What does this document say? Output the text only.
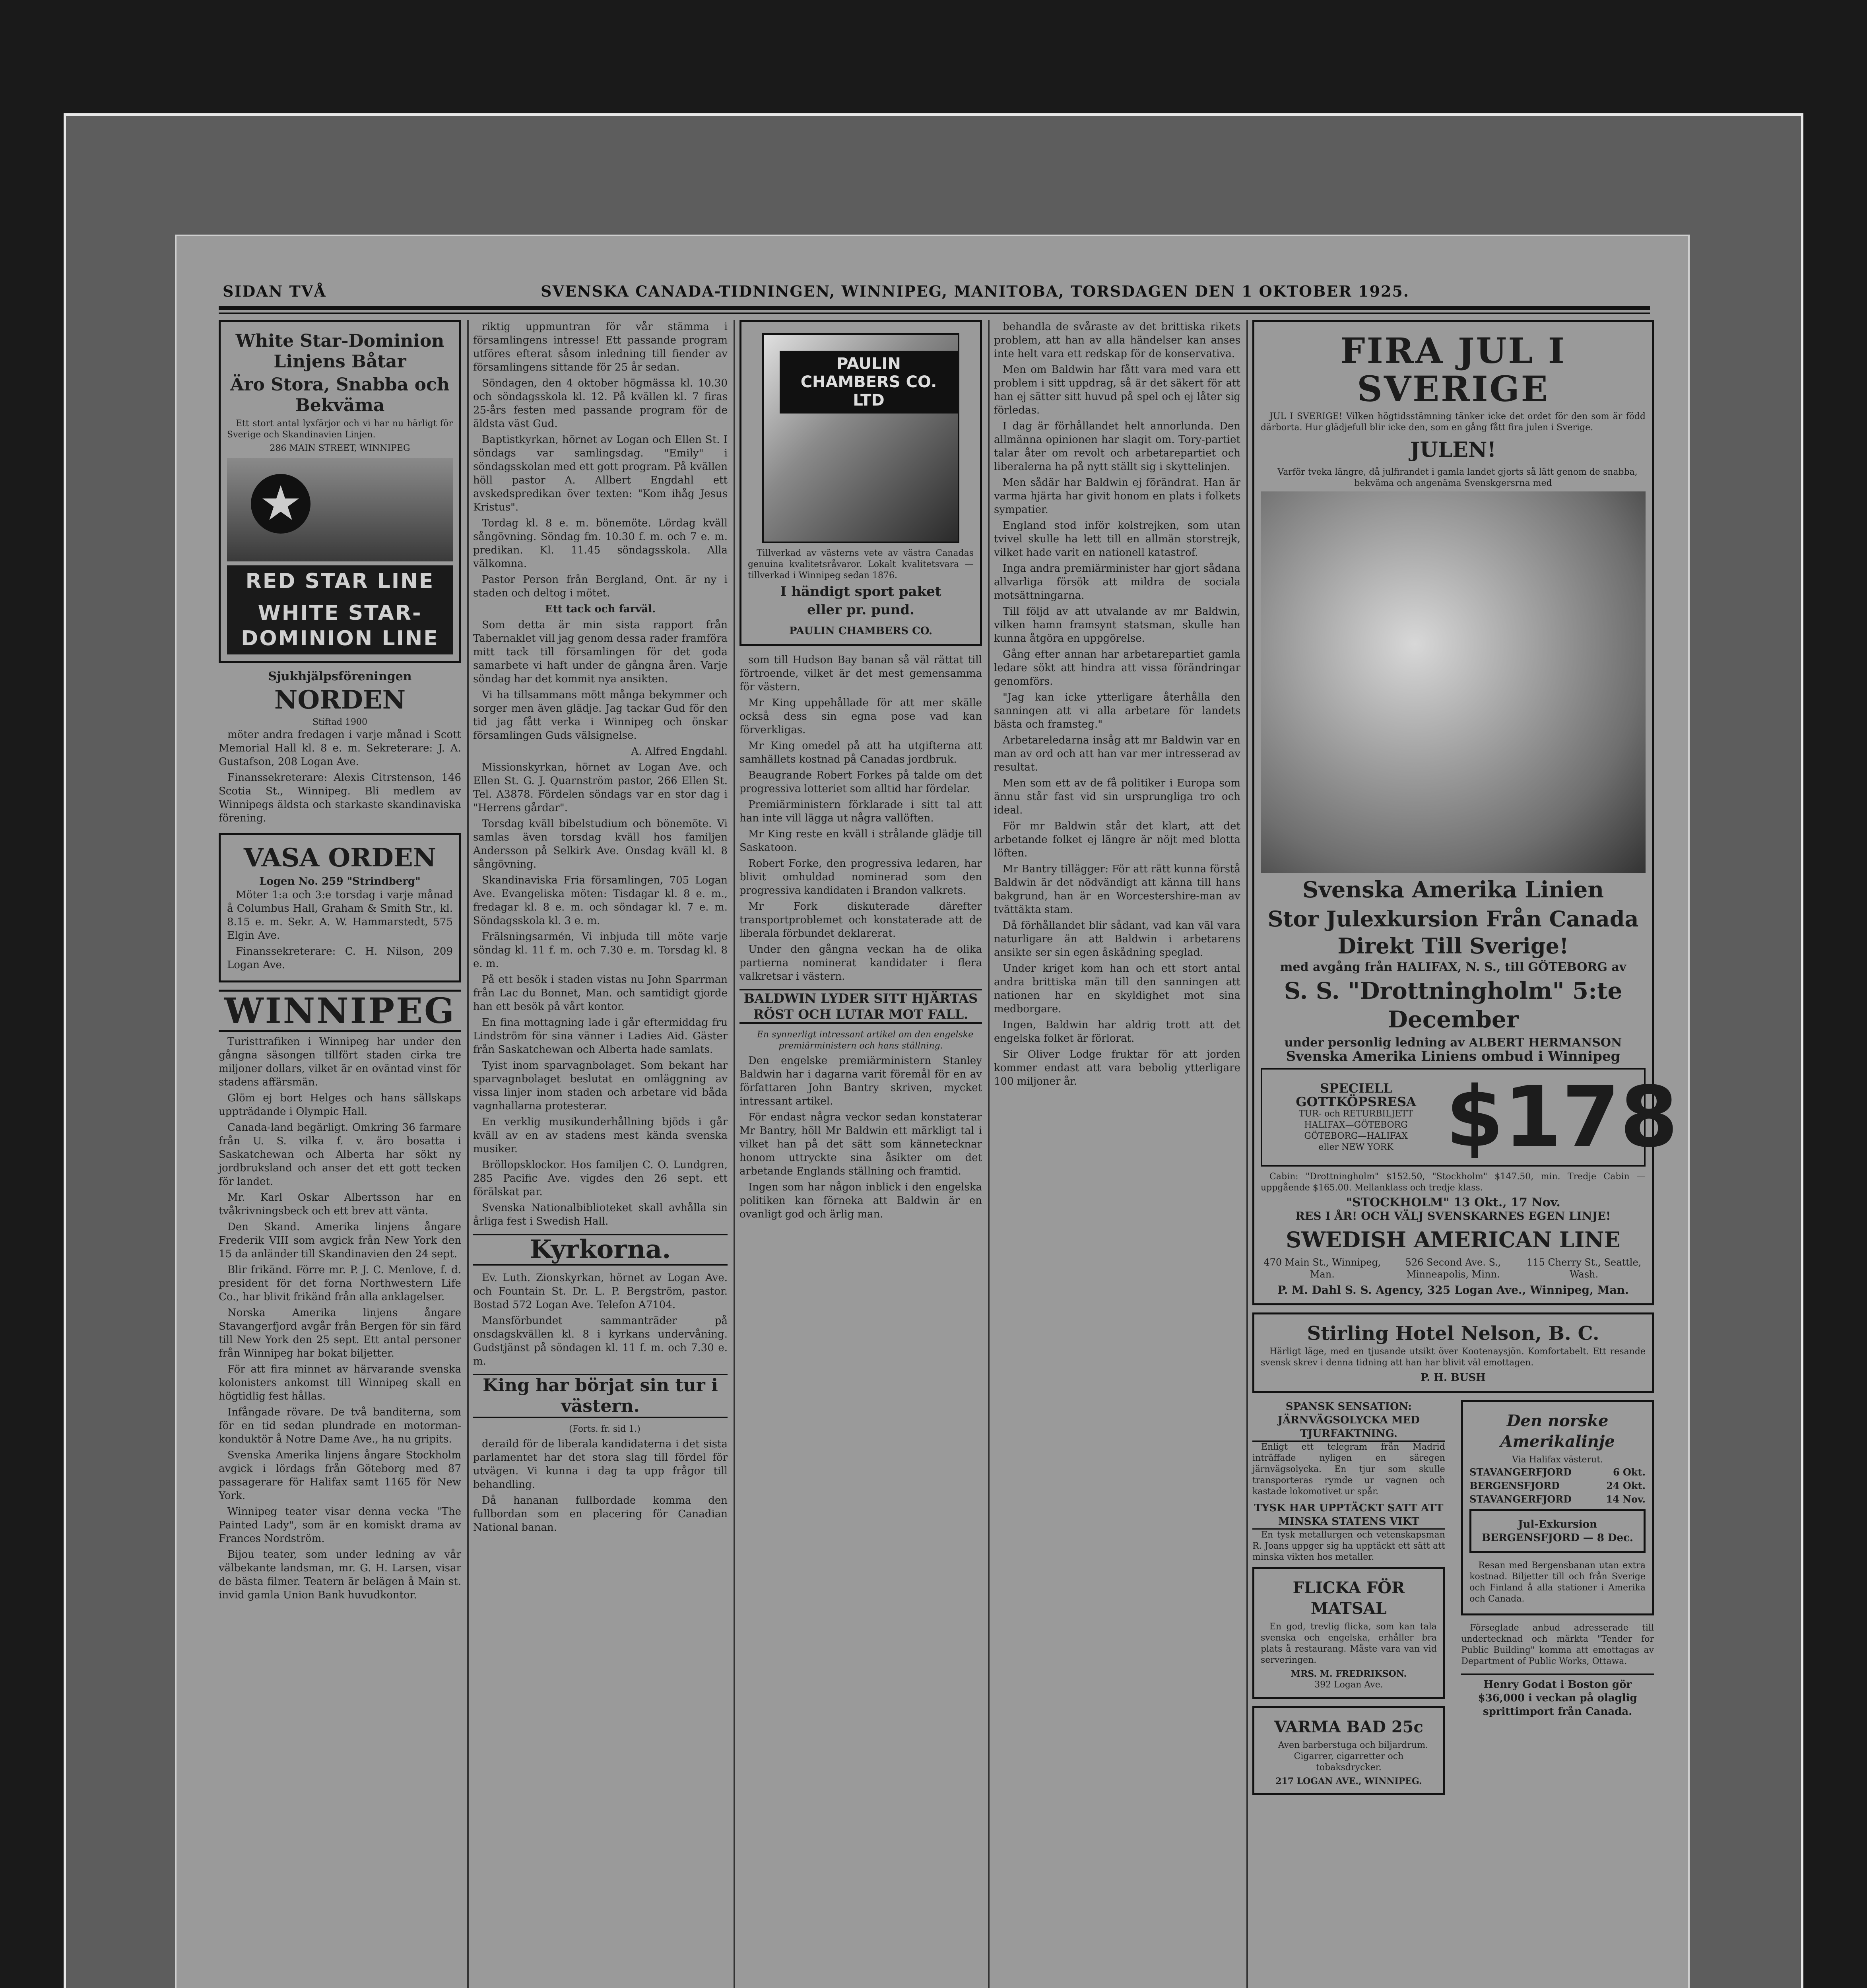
SIDAN TVÅ	SVENSKA CANADA-TIDNINGEN, WINNIPEG, MANITOBA, TORSDAGEN DEN 1 OKTOBER 1925.
White Star-Dominion Linjens Båtar
Äro Stora, Snabba och Bekväma

Ett stort antal lyxfärjor och vi har nu härligt för Sverige och Skandinavien Linjen.

286 MAIN STREET, WINNIPEG
★
RED STAR LINE
WHITE STAR-DOMINION LINE
Sjukhjälpsföreningen
NORDEN
Stiftad 1900

möter andra fredagen i varje månad i Scott Memorial Hall kl. 8 e. m. Sekreterare: J. A. Gustafson, 208 Logan Ave.

Finanssekreterare: Alexis Citrstenson, 146 Scotia St., Winnipeg. Bli medlem av Winnipegs äldsta och starkaste skandinaviska förening.

VASA ORDEN
Logen No. 259 "Strindberg"

Möter 1:a och 3:e torsdag i varje månad å Columbus Hall, Graham & Smith Str., kl. 8.15 e. m. Sekr. A. W. Hammarstedt, 575 Elgin Ave.

Finanssekreterare: C. H. Nilson, 209 Logan Ave.

WINNIPEG

Turisttrafiken i Winnipeg har under den gångna säsongen tillfört staden cirka tre miljoner dollars, vilket är en oväntad vinst för stadens affärsmän.

Glöm ej bort Helges och hans sällskaps uppträdande i Olympic Hall.

Canada-land begärligt. Omkring 36 farmare från U. S. vilka f. v. äro bosatta i Saskatchewan och Alberta har sökt ny jordbruksland och anser det ett gott tecken för landet.

Mr. Karl Oskar Albertsson har en tvåkrivningsbeck och ett brev att vänta.

Den Skand. Amerika linjens ångare Frederik VIII som avgick från New York den 15 da anländer till Skandinavien den 24 sept.

Blir frikänd. Förre mr. P. J. C. Menlove, f. d. president för det forna Northwestern Life Co., har blivit frikänd från alla anklagelser.

Norska Amerika linjens ångare Stavangerfjord avgår från Bergen för sin färd till New York den 25 sept. Ett antal personer från Winnipeg har bokat biljetter.

För att fira minnet av härvarande svenska kolonisters ankomst till Winnipeg skall en högtidlig fest hållas.

Infångade rövare. De två banditerna, som för en tid sedan plundrade en motorman-konduktör å Notre Dame Ave., ha nu gripits.

Svenska Amerika linjens ångare Stockholm avgick i lördags från Göteborg med 87 passagerare för Halifax samt 1165 för New York.

Winnipeg teater visar denna vecka "The Painted Lady", som är en komiskt drama av Frances Nordström.

Bijou teater, som under ledning av vår välbekante landsman, mr. G. H. Larsen, visar de bästa filmer. Teatern är belägen å Main st. invid gamla Union Bank huvudkontor.

riktig uppmuntran för vår stämma i församlingens intresse! Ett passande program utföres efterat såsom inledning till fiender av församlingens sittande för 25 år sedan.

Söndagen, den 4 oktober högmässa kl. 10.30 och söndagsskola kl. 12. På kvällen kl. 7 firas 25-års festen med passande program för de äldsta väst Gud.

Baptistkyrkan, hörnet av Logan och Ellen St. I söndags var samlingsdag. "Emily" i söndagsskolan med ett gott program. På kvällen höll pastor A. Allbert Engdahl ett avskedspredikan över texten: "Kom ihåg Jesus Kristus".

Tordag kl. 8 e. m. bönemöte. Lördag kväll sångövning. Söndag fm. 10.30 f. m. och 7 e. m. predikan. Kl. 11.45 söndagsskola. Alla välkomna.

Pastor Person från Bergland, Ont. är ny i staden och deltog i mötet.

Ett tack och farväl.

Som detta är min sista rapport från Tabernaklet vill jag genom dessa rader framföra mitt tack till församlingen för det goda samarbete vi haft under de gångna åren. Varje söndag har det kommit nya ansikten.

Vi ha tillsammans mött många bekymmer och sorger men även glädje. Jag tackar Gud för den tid jag fått verka i Winnipeg och önskar församlingen Guds välsignelse.

A. Alfred Engdahl.

Missionskyrkan, hörnet av Logan Ave. och Ellen St. G. J. Quarnström pastor, 266 Ellen St. Tel. A3878. Fördelen söndags var en stor dag i "Herrens gårdar".

Torsdag kväll bibelstudium och bönemöte. Vi samlas även torsdag kväll hos familjen Andersson på Selkirk Ave. Onsdag kväll kl. 8 sångövning.

Skandinaviska Fria församlingen, 705 Logan Ave. Evangeliska möten: Tisdagar kl. 8 e. m., fredagar kl. 8 e. m. och söndagar kl. 7 e. m. Söndagsskola kl. 3 e. m.

Frälsningsarmén, Vi inbjuda till möte varje söndag kl. 11 f. m. och 7.30 e. m. Torsdag kl. 8 e. m.

På ett besök i staden vistas nu John Sparrman från Lac du Bonnet, Man. och samtidigt gjorde han ett besök på vårt kontor.

En fina mottagning lade i går eftermiddag fru Lindström för sina vänner i Ladies Aid. Gäster från Saskatchewan och Alberta hade samlats.

Tyist inom sparvagnbolaget. Som bekant har sparvagnbolaget beslutat en omläggning av vissa linjer inom staden och arbetare vid båda vagnhallarna protesterar.

En verklig musikunderhållning bjöds i går kväll av en av stadens mest kända svenska musiker.

Bröllopsklockor. Hos familjen C. O. Lundgren, 285 Pacific Ave. vigdes den 26 sept. ett förälskat par.

Svenska Nationalbiblioteket skall avhålla sin årliga fest i Swedish Hall.

Kyrkorna.

Ev. Luth. Zionskyrkan, hörnet av Logan Ave. och Fountain St. Dr. L. P. Bergström, pastor. Bostad 572 Logan Ave. Telefon A7104.

Mansförbundet sammanträder på onsdagskvällen kl. 8 i kyrkans undervåning. Gudstjänst på söndagen kl. 11 f. m. och 7.30 e. m.

King har börjat sin tur i västern.

(Forts. fr. sid 1.)

deraild för de liberala kandidaterna i det sista parlamentet har det stora slag till fördel för utvägen. Vi kunna i dag ta upp frågor till behandling.

Då hananan fullbordade komma den fullbordan som en placering för Canadian National banan.

PAULIN CHAMBERS CO. LTD

Tillverkad av västerns vete av västra Canadas genuina kvalitetsråvaror. Lokalt kvalitetsvara — tillverkad i Winnipeg sedan 1876.

I händigt sport paket
eller pr. pund.
PAULIN CHAMBERS CO.

som till Hudson Bay banan så väl rättat till förtroende, vilket är det mest gemensamma för västern.

Mr King uppehållade för att mer skälle också dess sin egna pose vad kan förverkligas.

Mr King omedel på att ha utgifterna att samhällets kostnad på Canadas jordbruk.

Beaugrande Robert Forkes på talde om det progressiva lotteriet som alltid har fördelar.

Premiärministern förklarade i sitt tal att han inte vill lägga ut några vallöften.

Mr King reste en kväll i strålande glädje till Saskatoon.

Robert Forke, den progressiva ledaren, har blivit omhuldad nominerad som den progressiva kandidaten i Brandon valkrets.

Mr Fork diskuterade därefter transportproblemet och konstaterade att de liberala förbundet deklarerat.

Under den gångna veckan ha de olika partierna nominerat kandidater i flera valkretsar i västern.

BALDWIN LYDER SITT HJÄRTAS RÖST OCH LUTAR MOT FALL.

En synnerligt intressant artikel om den engelske premiärministern och hans ställning.

Den engelske premiärministern Stanley Baldwin har i dagarna varit föremål för en av författaren John Bantry skriven, mycket intressant artikel.

För endast några veckor sedan konstaterar Mr Bantry, höll Mr Baldwin ett märkligt tal i vilket han på det sätt som kännetecknar honom uttryckte sina åsikter om det arbetande Englands ställning och framtid.

Ingen som har någon inblick i den engelska politiken kan förneka att Baldwin är en ovanligt god och ärlig man.

behandla de svåraste av det brittiska rikets problem, att han av alla händelser kan anses inte helt vara ett redskap för de konservativa.

Men om Baldwin har fått vara med vara ett problem i sitt uppdrag, så är det säkert för att han ej sätter sitt huvud på spel och ej låter sig förledas.

I dag är förhållandet helt annorlunda. Den allmänna opinionen har slagit om. Tory-partiet talar åter om revolt och arbetarepartiet och liberalerna ha på nytt ställt sig i skyttelinjen.

Men sådär har Baldwin ej förändrat. Han är varma hjärta har givit honom en plats i folkets sympatier.

England stod inför kolstrejken, som utan tvivel skulle ha lett till en allmän storstrejk, vilket hade varit en nationell katastrof.

Inga andra premiärminister har gjort sådana allvarliga försök att mildra de sociala motsättningarna.

Till följd av att utvalande av mr Baldwin, vilken hamn framsynt statsman, skulle han kunna åtgöra en uppgörelse.

Gång efter annan har arbetarepartiet gamla ledare sökt att hindra att vissa förändringar genomförs.

"Jag kan icke ytterligare återhålla den sanningen att vi alla arbetare för landets bästa och framsteg."

Arbetareledarna insåg att mr Baldwin var en man av ord och att han var mer intresserad av resultat.

Men som ett av de få politiker i Europa som ännu står fast vid sin ursprungliga tro och ideal.

För mr Baldwin står det klart, att det arbetande folket ej längre är nöjt med blotta löften.

Mr Bantry tillägger: För att rätt kunna förstå Baldwin är det nödvändigt att känna till hans bakgrund, han är en Worcestershire-man av tvättäkta stam.

Då förhållandet blir sådant, vad kan väl vara naturligare än att Baldwin i arbetarens ansikte ser sin egen åskådning speglad.

Under kriget kom han och ett stort antal andra brittiska män till den sanningen att nationen har en skyldighet mot sina medborgare.

Ingen, Baldwin har aldrig trott att det engelska folket är förlorat.

Sir Oliver Lodge fruktar för att jorden kommer endast att vara bebolig ytterligare 100 miljoner år.

FIRA JUL I SVERIGE

JUL I SVERIGE! Vilken högtidsstämning tänker icke det ordet för den som är född därborta. Hur glädjefull blir icke den, som en gång fått fira julen i Sverige.

JULEN!

Varför tveka längre, då julfirandet i gamla landet gjorts så lätt genom de snabba, bekväma och angenäma Svenskgersrna med

Svenska Amerika Linien
Stor Julexkursion Från Canada
Direkt Till Sverige!
med avgång från HALIFAX, N. S., till GÖTEBORG av
S. S. "Drottningholm" 5:te December
under personlig ledning av ALBERT HERMANSON
Svenska Amerika Liniens ombud i Winnipeg
SPECIELL GOTTKÖPSRESA
TUR- och RETURBILJETT
HALIFAX—GÖTEBORG
GÖTEBORG—HALIFAX
eller NEW YORK $178

Cabin: "Drottningholm" $152.50, "Stockholm" $147.50, min. Tredje Cabin — uppgående $165.00. Mellanklass och tredje klass.

"STOCKHOLM" 13 Okt., 17 Nov.
RES I ÅR! OCH VÄLJ SVENSKARNES EGEN LINJE!
SWEDISH AMERICAN LINE
470 Main St., Winnipeg, Man.
526 Second Ave. S., Minneapolis, Minn.
115 Cherry St., Seattle, Wash.
P. M. Dahl S. S. Agency, 325 Logan Ave., Winnipeg, Man.
Stirling Hotel Nelson, B. C.

Härligt läge, med en tjusande utsikt över Kootenaysjön. Komfortabelt. Ett resande svensk skrev i denna tidning att han har blivit väl emottagen.

P. H. BUSH
SPANSK SENSATION: JÄRNVÄGSOLYCKA MED TJURFAKTNING.

Enligt ett telegram från Madrid inträffade nyligen en säregen järnvägsolycka. En tjur som skulle transporteras rymde ur vagnen och kastade lokomotivet ur spår.

TYSK HAR UPPTÄCKT SATT ATT MINSKA STATENS VIKT

En tysk metallurgen och vetenskapsman R. Joans uppger sig ha upptäckt ett sätt att minska vikten hos metaller.

FLICKA FÖR MATSAL

En god, trevlig flicka, som kan tala svenska och engelska, erhåller bra plats å restaurang. Måste vara van vid serveringen.

MRS. M. FREDRIKSON.
392 Logan Ave.
VARMA BAD 25c

Aven barberstuga och biljardrum. Cigarrer, cigarretter och tobaksdrycker.

217 LOGAN AVE., WINNIPEG.
Den norske Amerikalinje
Via Halifax västerut.
STAVANGERFJORD	6 Okt.
BERGENSFJORD	24 Okt.
STAVANGERFJORD	14 Nov.
Jul-Exkursion
BERGENSFJORD — 8 Dec.

Resan med Bergensbanan utan extra kostnad. Biljetter till och från Sverige och Finland å alla stationer i Amerika och Canada.

Förseglade anbud adresserade till undertecknad och märkta "Tender for Public Building" komma att emottagas av Department of Public Works, Ottawa.

Henry Godat i Boston gör $36,000 i veckan på olaglig sprittimport från Canada.
